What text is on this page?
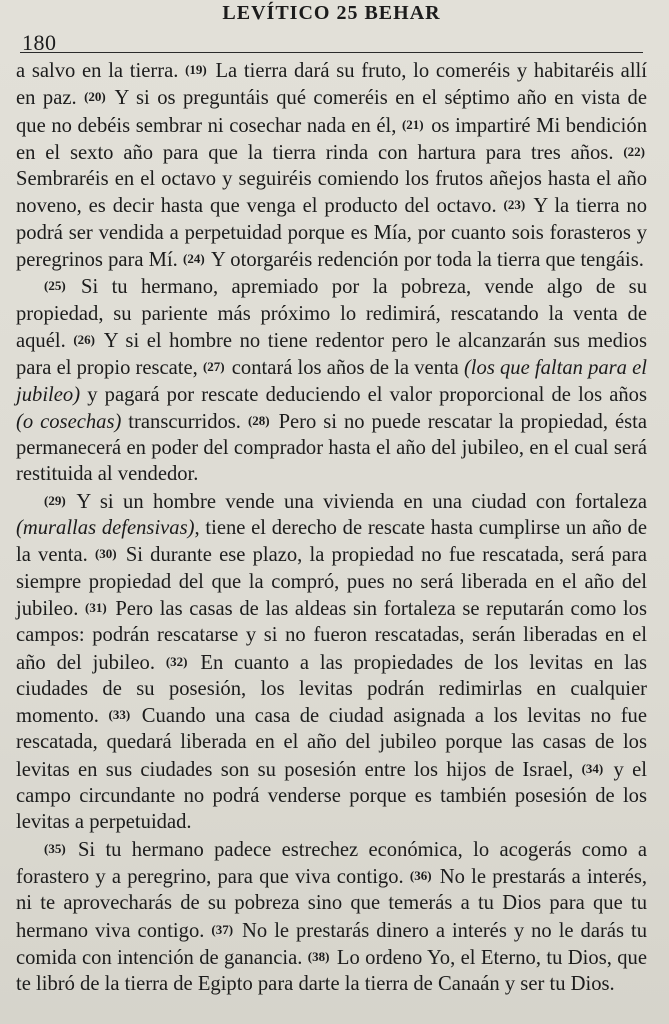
180
LEVÍTICO 25 BEHAR

a salvo en la tierra. (19) La tierra dará su fruto, lo comeréis y habitaréis allí en paz. (20) Y si os preguntáis qué comeréis en el séptimo año en vista de que no debéis sembrar ni cosechar nada en él, (21) os impartiré Mi bendición en el sexto año para que la tierra rinda con hartura para tres años. (22) Sembraréis en el octavo y seguiréis comiendo los frutos añejos hasta el año noveno, es decir hasta que venga el producto del octavo. (23) Y la tierra no podrá ser vendida a perpetuidad porque es Mía, por cuanto sois forasteros y peregrinos para Mí. (24) Y otorgaréis redención por toda la tierra que tengáis.

(25) Si tu hermano, apremiado por la pobreza, vende algo de su propiedad, su pariente más próximo lo redimirá, rescatando la venta de aquél. (26) Y si el hombre no tiene redentor pero le alcanzarán sus medios para el propio rescate, (27) contará los años de la venta (los que faltan para el jubileo) y pagará por rescate deduciendo el valor proporcional de los años (o cosechas) transcurridos. (28) Pero si no puede rescatar la propiedad, ésta permanecerá en poder del comprador hasta el año del jubileo, en el cual será restituida al vendedor.

(29) Y si un hombre vende una vivienda en una ciudad con fortaleza (murallas defensivas), tiene el derecho de rescate hasta cumplirse un año de la venta. (30) Si durante ese plazo, la propiedad no fue rescatada, será para siempre propiedad del que la compró, pues no será liberada en el año del jubileo. (31) Pero las casas de las aldeas sin fortaleza se reputarán como los campos: podrán rescatarse y si no fueron rescatadas, serán liberadas en el año del jubileo. (32) En cuanto a las propiedades de los levitas en las ciudades de su posesión, los levitas podrán redimirlas en cualquier momento. (33) Cuando una casa de ciudad asignada a los levitas no fue rescatada, quedará liberada en el año del jubileo porque las casas de los levitas en sus ciudades son su posesión entre los hijos de Israel, (34) y el campo circundante no podrá venderse porque es también posesión de los levitas a perpetuidad.

(35) Si tu hermano padece estrechez económica, lo acogerás como a forastero y a peregrino, para que viva contigo. (36) No le prestarás a interés, ni te aprovecharás de su pobreza sino que temerás a tu Dios para que tu hermano viva contigo. (37) No le prestarás dinero a interés y no le darás tu comida con intención de ganancia. (38) Lo ordeno Yo, el Eterno, tu Dios, que te libró de la tierra de Egipto para darte la tierra de Canaán y ser tu Dios.
